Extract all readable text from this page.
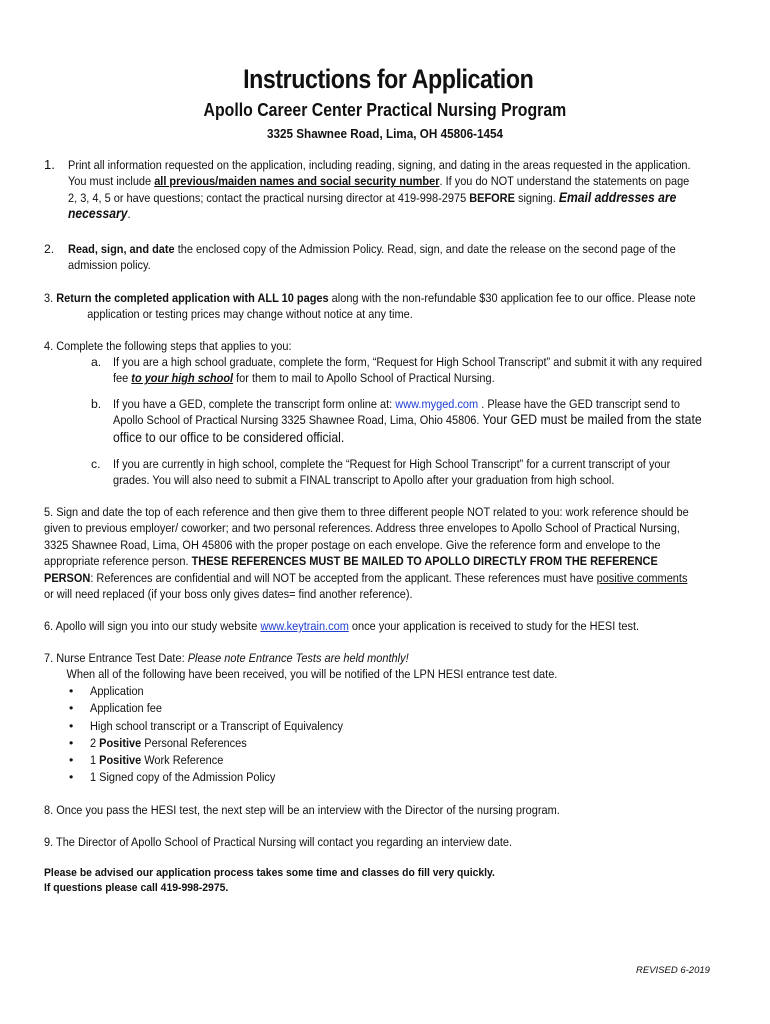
Instructions for Application
Apollo Career Center Practical Nursing Program
3325 Shawnee Road, Lima, OH 45806-1454
1. Print all information requested on the application, including reading, signing, and dating in the areas requested in the application.
You must include all previous/maiden names and social security number. If you do NOT understand the statements on page
2, 3, 4, 5 or have questions; contact the practical nursing director at 419-998-2975 BEFORE signing. Email addresses are
necessary.
2. Read, sign, and date the enclosed copy of the Admission Policy. Read, sign, and date the release on the second page of the
admission policy.
3. Return the completed application with ALL 10 pages along with the non-refundable $30 application fee to our office. Please note
application or testing prices may change without notice at any time.
4. Complete the following steps that applies to you:
a. If you are a high school graduate, complete the form, “Request for High School Transcript” and submit it with any required
fee to your high school for them to mail to Apollo School of Practical Nursing.
b. If you have a GED, complete the transcript form online at: www.myged.com . Please have the GED transcript send to
Apollo School of Practical Nursing 3325 Shawnee Road, Lima, Ohio 45806. Your GED must be mailed from the state
office to our office to be considered official.
c. If you are currently in high school, complete the “Request for High School Transcript” for a current transcript of your
grades. You will also need to submit a FINAL transcript to Apollo after your graduation from high school.
5. Sign and date the top of each reference and then give them to three different people NOT related to you: work reference should be
given to previous employer/ coworker; and two personal references. Address three envelopes to Apollo School of Practical Nursing,
3325 Shawnee Road, Lima, OH 45806 with the proper postage on each envelope. Give the reference form and envelope to the
appropriate reference person. THESE REFERENCES MUST BE MAILED TO APOLLO DIRECTLY FROM THE REFERENCE
PERSON: References are confidential and will NOT be accepted from the applicant. These references must have positive comments
or will need replaced (if your boss only gives dates= find another reference).
6. Apollo will sign you into our study website www.keytrain.com once your application is received to study for the HESI test.
7. Nurse Entrance Test Date: Please note Entrance Tests are held monthly!
When all of the following have been received, you will be notified of the LPN HESI entrance test date.
• Application
• Application fee
• High school transcript or a Transcript of Equivalency
• 2 Positive Personal References
• 1 Positive Work Reference
• 1 Signed copy of the Admission Policy
8. Once you pass the HESI test, the next step will be an interview with the Director of the nursing program.
9. The Director of Apollo School of Practical Nursing will contact you regarding an interview date.
Please be advised our application process takes some time and classes do fill very quickly.
If questions please call 419-998-2975.
REVISED 6-2019
